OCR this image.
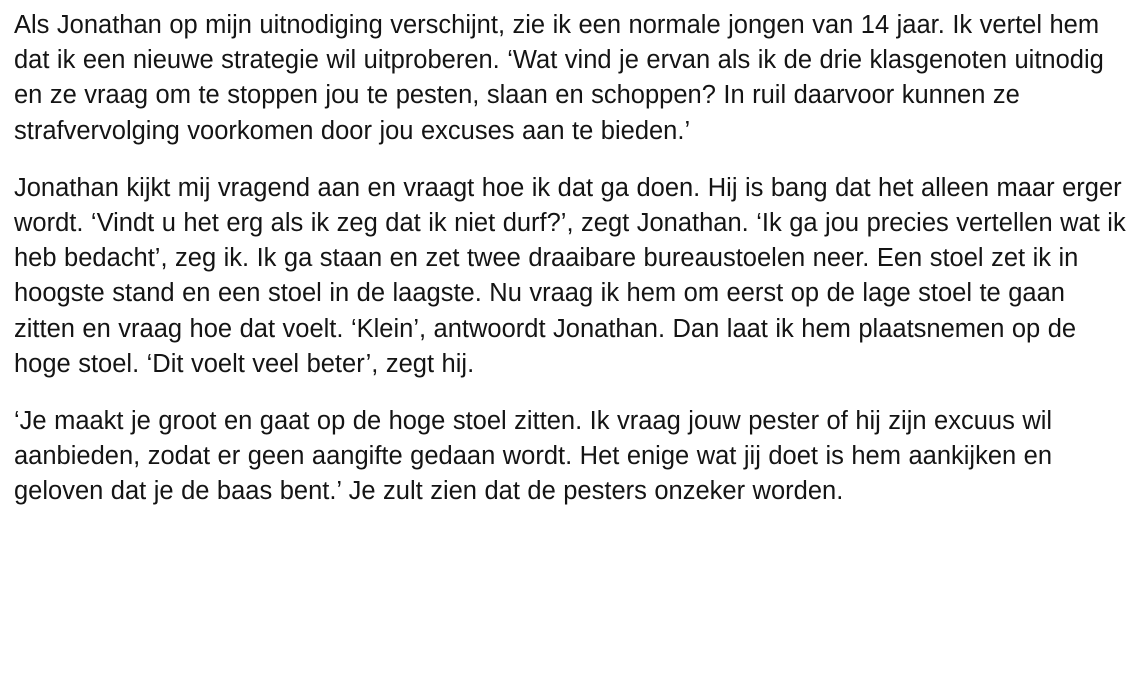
Als Jonathan op mijn uitnodiging verschijnt, zie ik een normale jongen van 14 jaar. Ik vertel hem dat ik een nieuwe strategie wil uitproberen. ‘Wat vind je ervan als ik de drie klasgenoten uitnodig en ze vraag om te stoppen jou te pesten, slaan en schoppen? In ruil daarvoor kunnen ze strafvervolging voorkomen door jou excuses aan te bieden.’

Jonathan kijkt mij vragend aan en vraagt hoe ik dat ga doen. Hij is bang dat het alleen maar erger wordt. ‘Vindt u het erg als ik zeg dat ik niet durf?’, zegt Jonathan. ‘Ik ga jou precies vertellen wat ik heb bedacht’, zeg ik. Ik ga staan en zet twee draaibare bureaustoelen neer. Een stoel zet ik in hoogste stand en een stoel in de laagste. Nu vraag ik hem om eerst op de lage stoel te gaan zitten en vraag hoe dat voelt. ‘Klein’, antwoordt Jonathan. Dan laat ik hem plaatsnemen op de hoge stoel. ‘Dit voelt veel beter’, zegt hij.

‘Je maakt je groot en gaat op de hoge stoel zitten. Ik vraag jouw pester of hij zijn excuus wil aanbieden, zodat er geen aangifte gedaan wordt. Het enige wat jij doet is hem aankijken en geloven dat je de baas bent.’ Je zult zien dat de pesters onzeker worden.
